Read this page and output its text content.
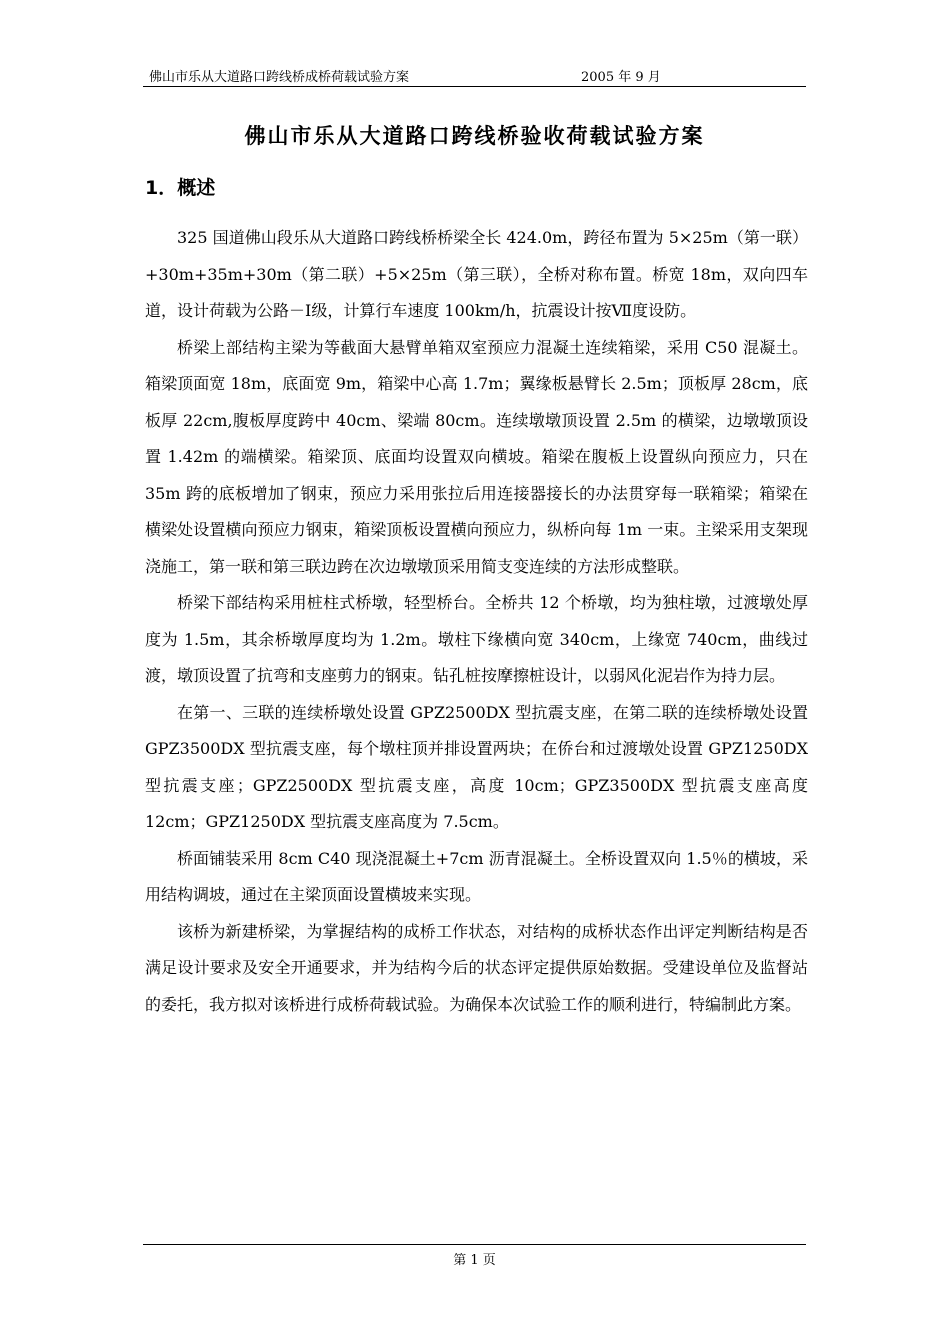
佛山市乐从大道路口跨线桥成桥荷载试验方案	2005 年 9 月
佛山市乐从大道路口跨线桥验收荷载试验方案
1．概述

325 国道佛山段乐从大道路口跨线桥桥梁全长 424.0m，跨径布置为 5×25m（第一联）+30m+35m+30m（第二联）+5×25m（第三联），全桥对称布置。桥宽 18m，双向四车道，设计荷载为公路－Ⅰ级，计算行车速度 100km/h，抗震设计按Ⅶ度设防。

桥梁上部结构主梁为等截面大悬臂单箱双室预应力混凝土连续箱梁，采用 C50 混凝土。箱梁顶面宽 18m，底面宽 9m，箱梁中心高 1.7m；翼缘板悬臂长 2.5m；顶板厚 28cm，底板厚 22cm,腹板厚度跨中 40cm、梁端 80cm。连续墩墩顶设置 2.5m 的横梁，边墩墩顶设置 1.42m 的端横梁。箱梁顶、底面均设置双向横坡。箱梁在腹板上设置纵向预应力，只在 35m 跨的底板增加了钢束，预应力采用张拉后用连接器接长的办法贯穿每一联箱梁；箱梁在横梁处设置横向预应力钢束，箱梁顶板设置横向预应力，纵桥向每 1m 一束。主梁采用支架现浇施工，第一联和第三联边跨在次边墩墩顶采用简支变连续的方法形成整联。

桥梁下部结构采用桩柱式桥墩，轻型桥台。全桥共 12 个桥墩，均为独柱墩，过渡墩处厚度为 1.5m，其余桥墩厚度均为 1.2m。墩柱下缘横向宽 340cm，上缘宽 740cm，曲线过渡，墩顶设置了抗弯和支座剪力的钢束。钻孔桩按摩擦桩设计，以弱风化泥岩作为持力层。

在第一、三联的连续桥墩处设置 GPZ2500DX 型抗震支座，在第二联的连续桥墩处设置 GPZ3500DX 型抗震支座，每个墩柱顶并排设置两块；在侨台和过渡墩处设置 GPZ1250DX 型抗震支座；GPZ2500DX 型抗震支座，高度 10cm；GPZ3500DX 型抗震支座高度 12cm；GPZ1250DX 型抗震支座高度为 7.5cm。

桥面铺装采用 8cm C40 现浇混凝土+7cm 沥青混凝土。全桥设置双向 1.5％的横坡，采用结构调坡，通过在主梁顶面设置横坡来实现。

该桥为新建桥梁，为掌握结构的成桥工作状态，对结构的成桥状态作出评定判断结构是否满足设计要求及安全开通要求，并为结构今后的状态评定提供原始数据。受建设单位及监督站的委托，我方拟对该桥进行成桥荷载试验。为确保本次试验工作的顺利进行，特编制此方案。

第 1 页
